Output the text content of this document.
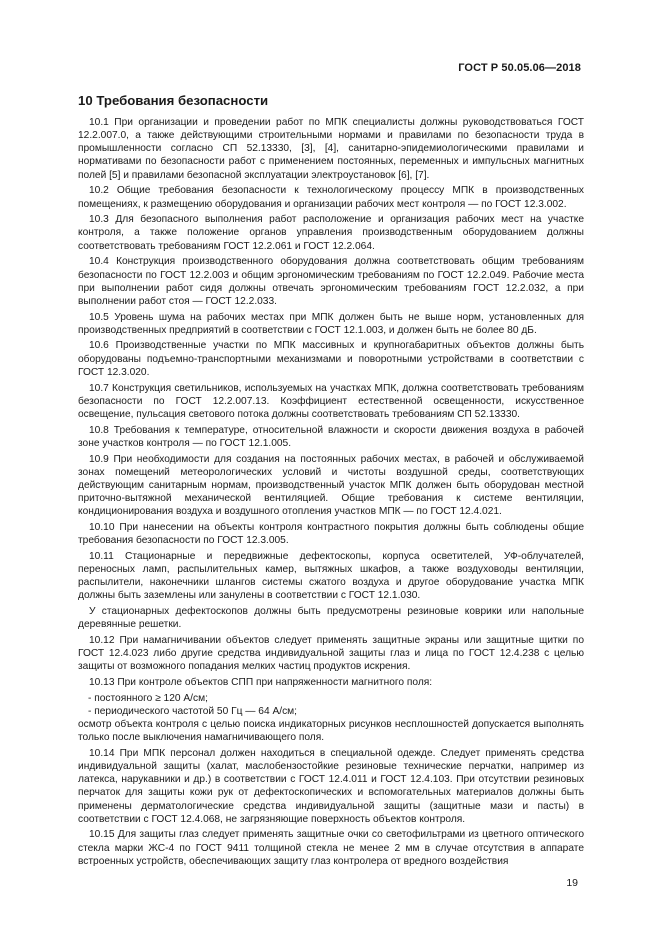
ГОСТ Р 50.05.06—2018
10 Требования безопасности

10.1 При организации и проведении работ по МПК специалисты должны руководствоваться ГОСТ 12.2.007.0, а также действующими строительными нормами и правилами по безопасности труда в промышленности согласно СП 52.13330, [3], [4], санитарно-эпидемиологическими правилами и нормативами по безопасности работ с применением постоянных, переменных и импульсных магнитных полей [5] и правилами безопасной эксплуатации электроустановок [6], [7].

10.2 Общие требования безопасности к технологическому процессу МПК в производственных помещениях, к размещению оборудования и организации рабочих мест контроля — по ГОСТ 12.3.002.

10.3 Для безопасного выполнения работ расположение и организация рабочих мест на участке контроля, а также положение органов управления производственным оборудованием должны соответствовать требованиям ГОСТ 12.2.061 и ГОСТ 12.2.064.

10.4 Конструкция производственного оборудования должна соответствовать общим требованиям безопасности по ГОСТ 12.2.003 и общим эргономическим требованиям по ГОСТ 12.2.049. Рабочие места при выполнении работ сидя должны отвечать эргономическим требованиям ГОСТ 12.2.032, а при выполнении работ стоя — ГОСТ 12.2.033.

10.5 Уровень шума на рабочих местах при МПК должен быть не выше норм, установленных для производственных предприятий в соответствии с ГОСТ 12.1.003, и должен быть не более 80 дБ.

10.6 Производственные участки по МПК массивных и крупногабаритных объектов должны быть оборудованы подъемно-транспортными механизмами и поворотными устройствами в соответствии с ГОСТ 12.3.020.

10.7 Конструкция светильников, используемых на участках МПК, должна соответствовать требованиям безопасности по ГОСТ 12.2.007.13. Коэффициент естественной освещенности, искусственное освещение, пульсация светового потока должны соответствовать требованиям СП 52.13330.

10.8 Требования к температуре, относительной влажности и скорости движения воздуха в рабочей зоне участков контроля — по ГОСТ 12.1.005.

10.9 При необходимости для создания на постоянных рабочих местах, в рабочей и обслуживаемой зонах помещений метеорологических условий и чистоты воздушной среды, соответствующих действующим санитарным нормам, производственный участок МПК должен быть оборудован местной приточно-вытяжной механической вентиляцией. Общие требования к системе вентиляции, кондиционирования воздуха и воздушного отопления участков МПК — по ГОСТ 12.4.021.

10.10 При нанесении на объекты контроля контрастного покрытия должны быть соблюдены общие требования безопасности по ГОСТ 12.3.005.

10.11 Стационарные и передвижные дефектоскопы, корпуса осветителей, УФ-облучателей, переносных ламп, распылительных камер, вытяжных шкафов, а также воздуховоды вентиляции, распылители, наконечники шлангов системы сжатого воздуха и другое оборудование участка МПК должны быть заземлены или занулены в соответствии с ГОСТ 12.1.030.

У стационарных дефектоскопов должны быть предусмотрены резиновые коврики или напольные деревянные решетки.

10.12 При намагничивании объектов следует применять защитные экраны или защитные щитки по ГОСТ 12.4.023 либо другие средства индивидуальной защиты глаз и лица по ГОСТ 12.4.238 с целью защиты от возможного попадания мелких частиц продуктов искрения.

10.13 При контроле объектов СПП при напряженности магнитного поля:

- постоянного ≥ 120 А/см;

- периодического частотой 50 Гц — 64 А/см;

осмотр объекта контроля с целью поиска индикаторных рисунков несплошностей допускается выполнять только после выключения намагничивающего поля.

10.14 При МПК персонал должен находиться в специальной одежде. Следует применять средства индивидуальной защиты (халат, маслобензостойкие резиновые технические перчатки, например из латекса, нарукавники и др.) в соответствии с ГОСТ 12.4.011 и ГОСТ 12.4.103. При отсутствии резиновых перчаток для защиты кожи рук от дефектоскопических и вспомогательных материалов должны быть применены дерматологические средства индивидуальной защиты (защитные мази и пасты) в соответствии с ГОСТ 12.4.068, не загрязняющие поверхность объектов контроля.

10.15 Для защиты глаз следует применять защитные очки со светофильтрами из цветного оптического стекла марки ЖС-4 по ГОСТ 9411 толщиной стекла не менее 2 мм в случае отсутствия в аппарате встроенных устройств, обеспечивающих защиту глаз контролера от вредного воздействия

19
